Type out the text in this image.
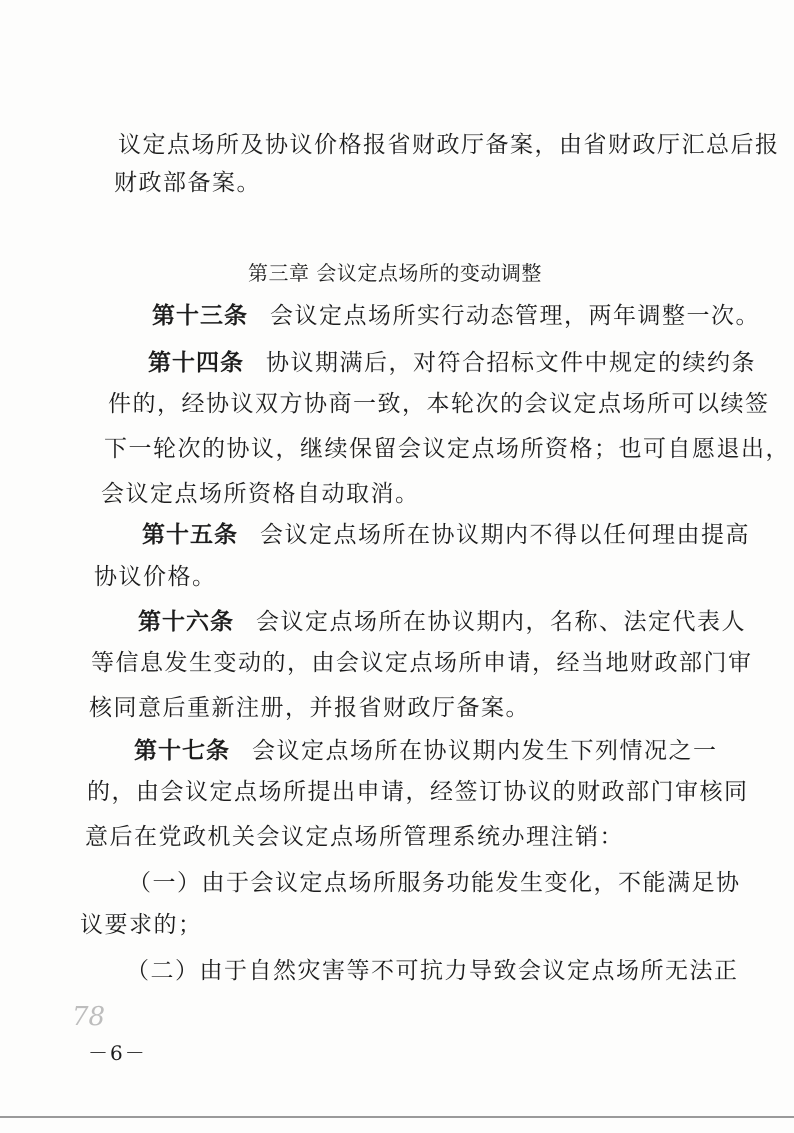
议定点场所及协议价格报省财政厅备案，由省财政厅汇总后报
财政部备案。
第三章 会议定点场所的变动调整
第十三条 会议定点场所实行动态管理，两年调整一次。
第十四条 协议期满后，对符合招标文件中规定的续约条
件的，经协议双方协商一致，本轮次的会议定点场所可以续签
下一轮次的协议，继续保留会议定点场所资格；也可自愿退出，
会议定点场所资格自动取消。
第十五条 会议定点场所在协议期内不得以任何理由提高
协议价格。
第十六条 会议定点场所在协议期内，名称、法定代表人
等信息发生变动的，由会议定点场所申请，经当地财政部门审
核同意后重新注册，并报省财政厅备案。
第十七条 会议定点场所在协议期内发生下列情况之一
的，由会议定点场所提出申请，经签订协议的财政部门审核同
意后在党政机关会议定点场所管理系统办理注销：
（一）由于会议定点场所服务功能发生变化，不能满足协
议要求的；
（二）由于自然灾害等不可抗力导致会议定点场所无法正
78
－6－
